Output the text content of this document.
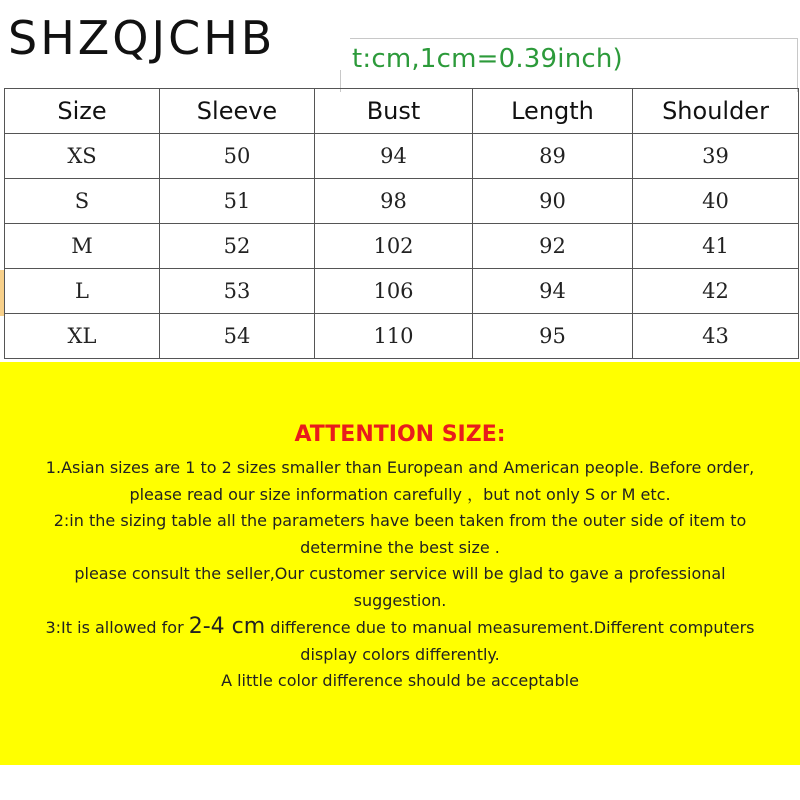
t:cm,1cm=0.39inch)
SHZQJCHB
Size	Sleeve	Bust	Length	Shoulder
XS	50	94	89	39
S	51	98	90	40
M	52	102	92	41
L	53	106	94	42
XL	54	110	95	43
ATTENTION SIZE:

1.Asian sizes are 1 to 2 sizes smaller than European and American people. Before order,

please read our size information carefully ，but not only S or M etc.

2:in the sizing table all the parameters have been taken from the outer side of item to

determine the best size .

please consult the seller,Our customer service will be glad to gave a professional

suggestion.

3:It is allowed for 2-4 cm difference due to manual measurement.Different computers

display colors differently.

A little color difference should be acceptable
